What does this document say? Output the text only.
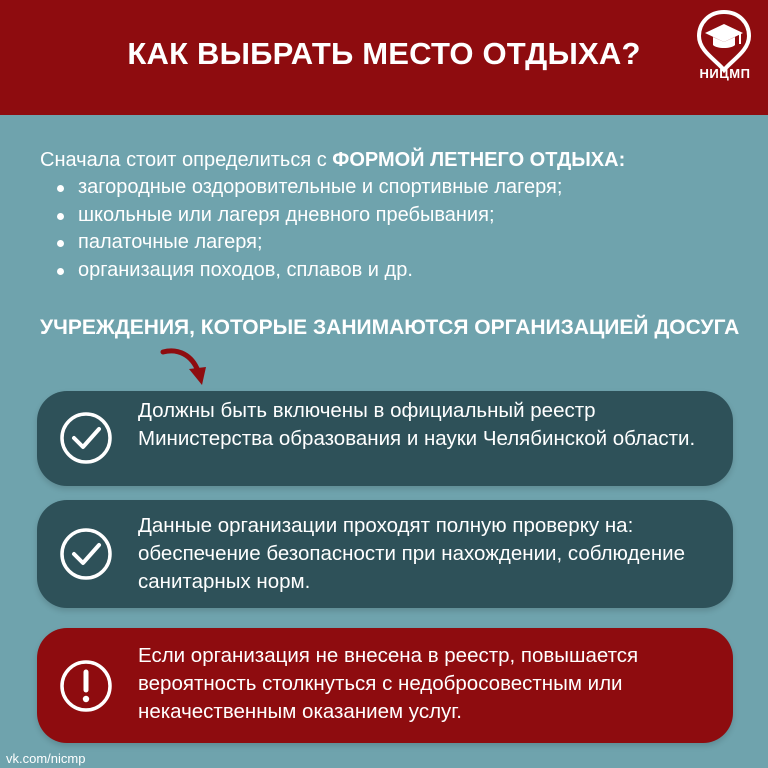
КАК ВЫБРАТЬ МЕСТО ОТДЫХА?
НИЦМП
Сначала стоит определиться с ФОРМОЙ ЛЕТНЕГО ОТДЫХА:
загородные оздоровительные и спортивные лагеря;
школьные или лагеря дневного пребывания;
палаточные лагеря;
организация походов, сплавов и др.
УЧРЕЖДЕНИЯ, КОТОРЫЕ ЗАНИМАЮТСЯ ОРГАНИЗАЦИЕЙ ДОСУГА
Должны быть включены в официальный реестр Министерства образования и науки Челябинской области.
Данные организации проходят полную проверку на: обеспечение безопасности при нахождении, соблюдение санитарных норм.
Если организация не внесена в реестр, повышается вероятность столкнуться с недобросовестным или некачественным оказанием услуг.
vk.com/nicmp
